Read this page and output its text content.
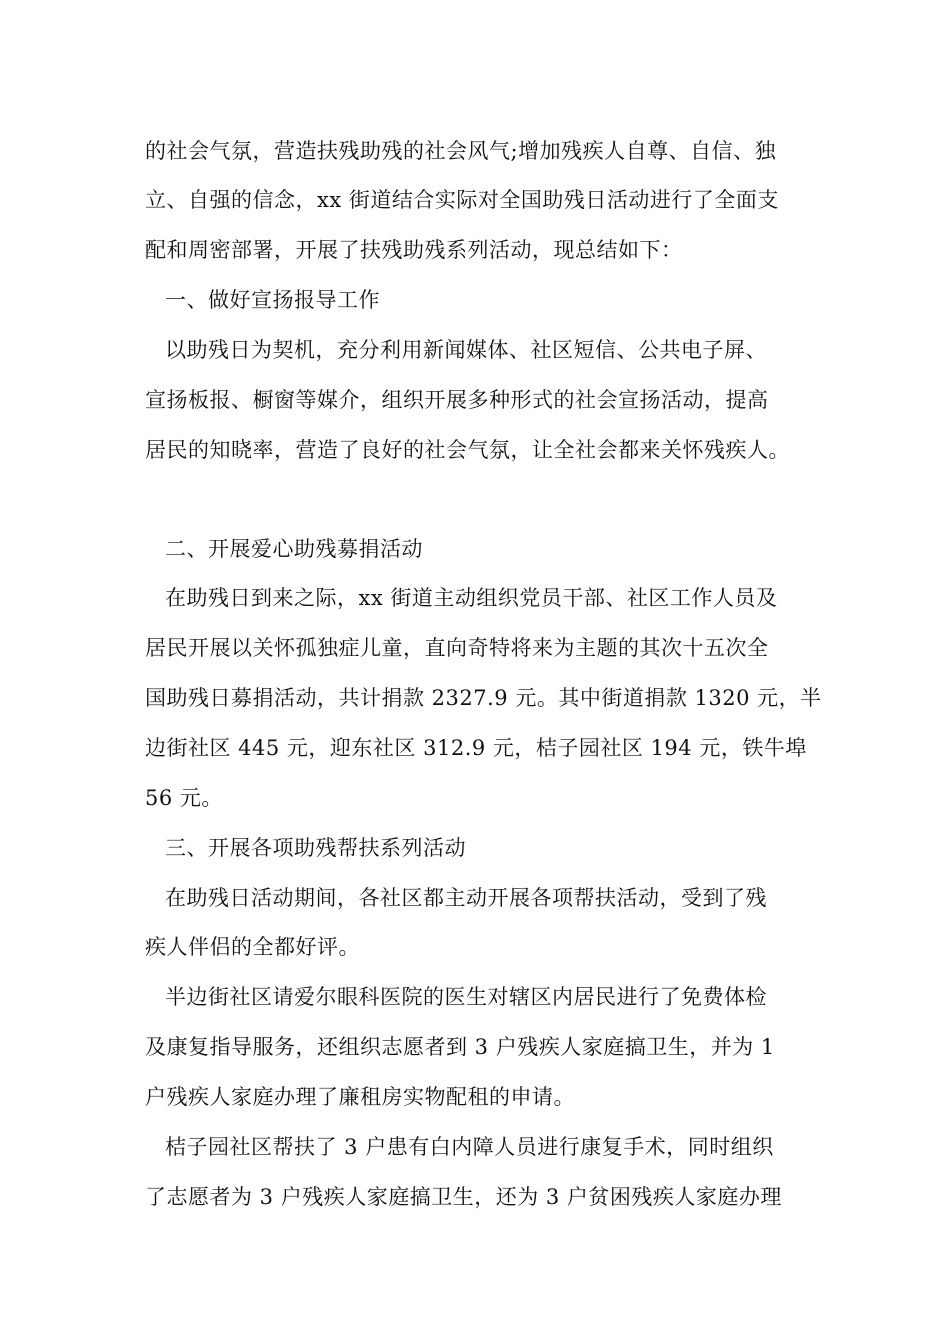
的社会气氛，营造扶残助残的社会风气;增加残疾人自尊、自信、独
立、自强的信念，xx 街道结合实际对全国助残日活动进行了全面支
配和周密部署，开展了扶残助残系列活动，现总结如下：
一、做好宣扬报导工作
以助残日为契机，充分利用新闻媒体、社区短信、公共电子屏、
宣扬板报、橱窗等媒介，组织开展多种形式的社会宣扬活动，提高
居民的知晓率，营造了良好的社会气氛，让全社会都来关怀残疾人。
二、开展爱心助残募捐活动
在助残日到来之际，xx 街道主动组织党员干部、社区工作人员及
居民开展以关怀孤独症儿童，直向奇特将来为主题的其次十五次全
国助残日募捐活动，共计捐款 2327.9 元。其中街道捐款 1320 元，半
边街社区 445 元，迎东社区 312.9 元，桔子园社区 194 元，铁牛埠
56 元。
三、开展各项助残帮扶系列活动
在助残日活动期间，各社区都主动开展各项帮扶活动，受到了残
疾人伴侣的全都好评。
半边街社区请爱尔眼科医院的医生对辖区内居民进行了免费体检
及康复指导服务，还组织志愿者到 3 户残疾人家庭搞卫生，并为 1
户残疾人家庭办理了廉租房实物配租的申请。
桔子园社区帮扶了 3 户患有白内障人员进行康复手术，同时组织
了志愿者为 3 户残疾人家庭搞卫生，还为 3 户贫困残疾人家庭办理
